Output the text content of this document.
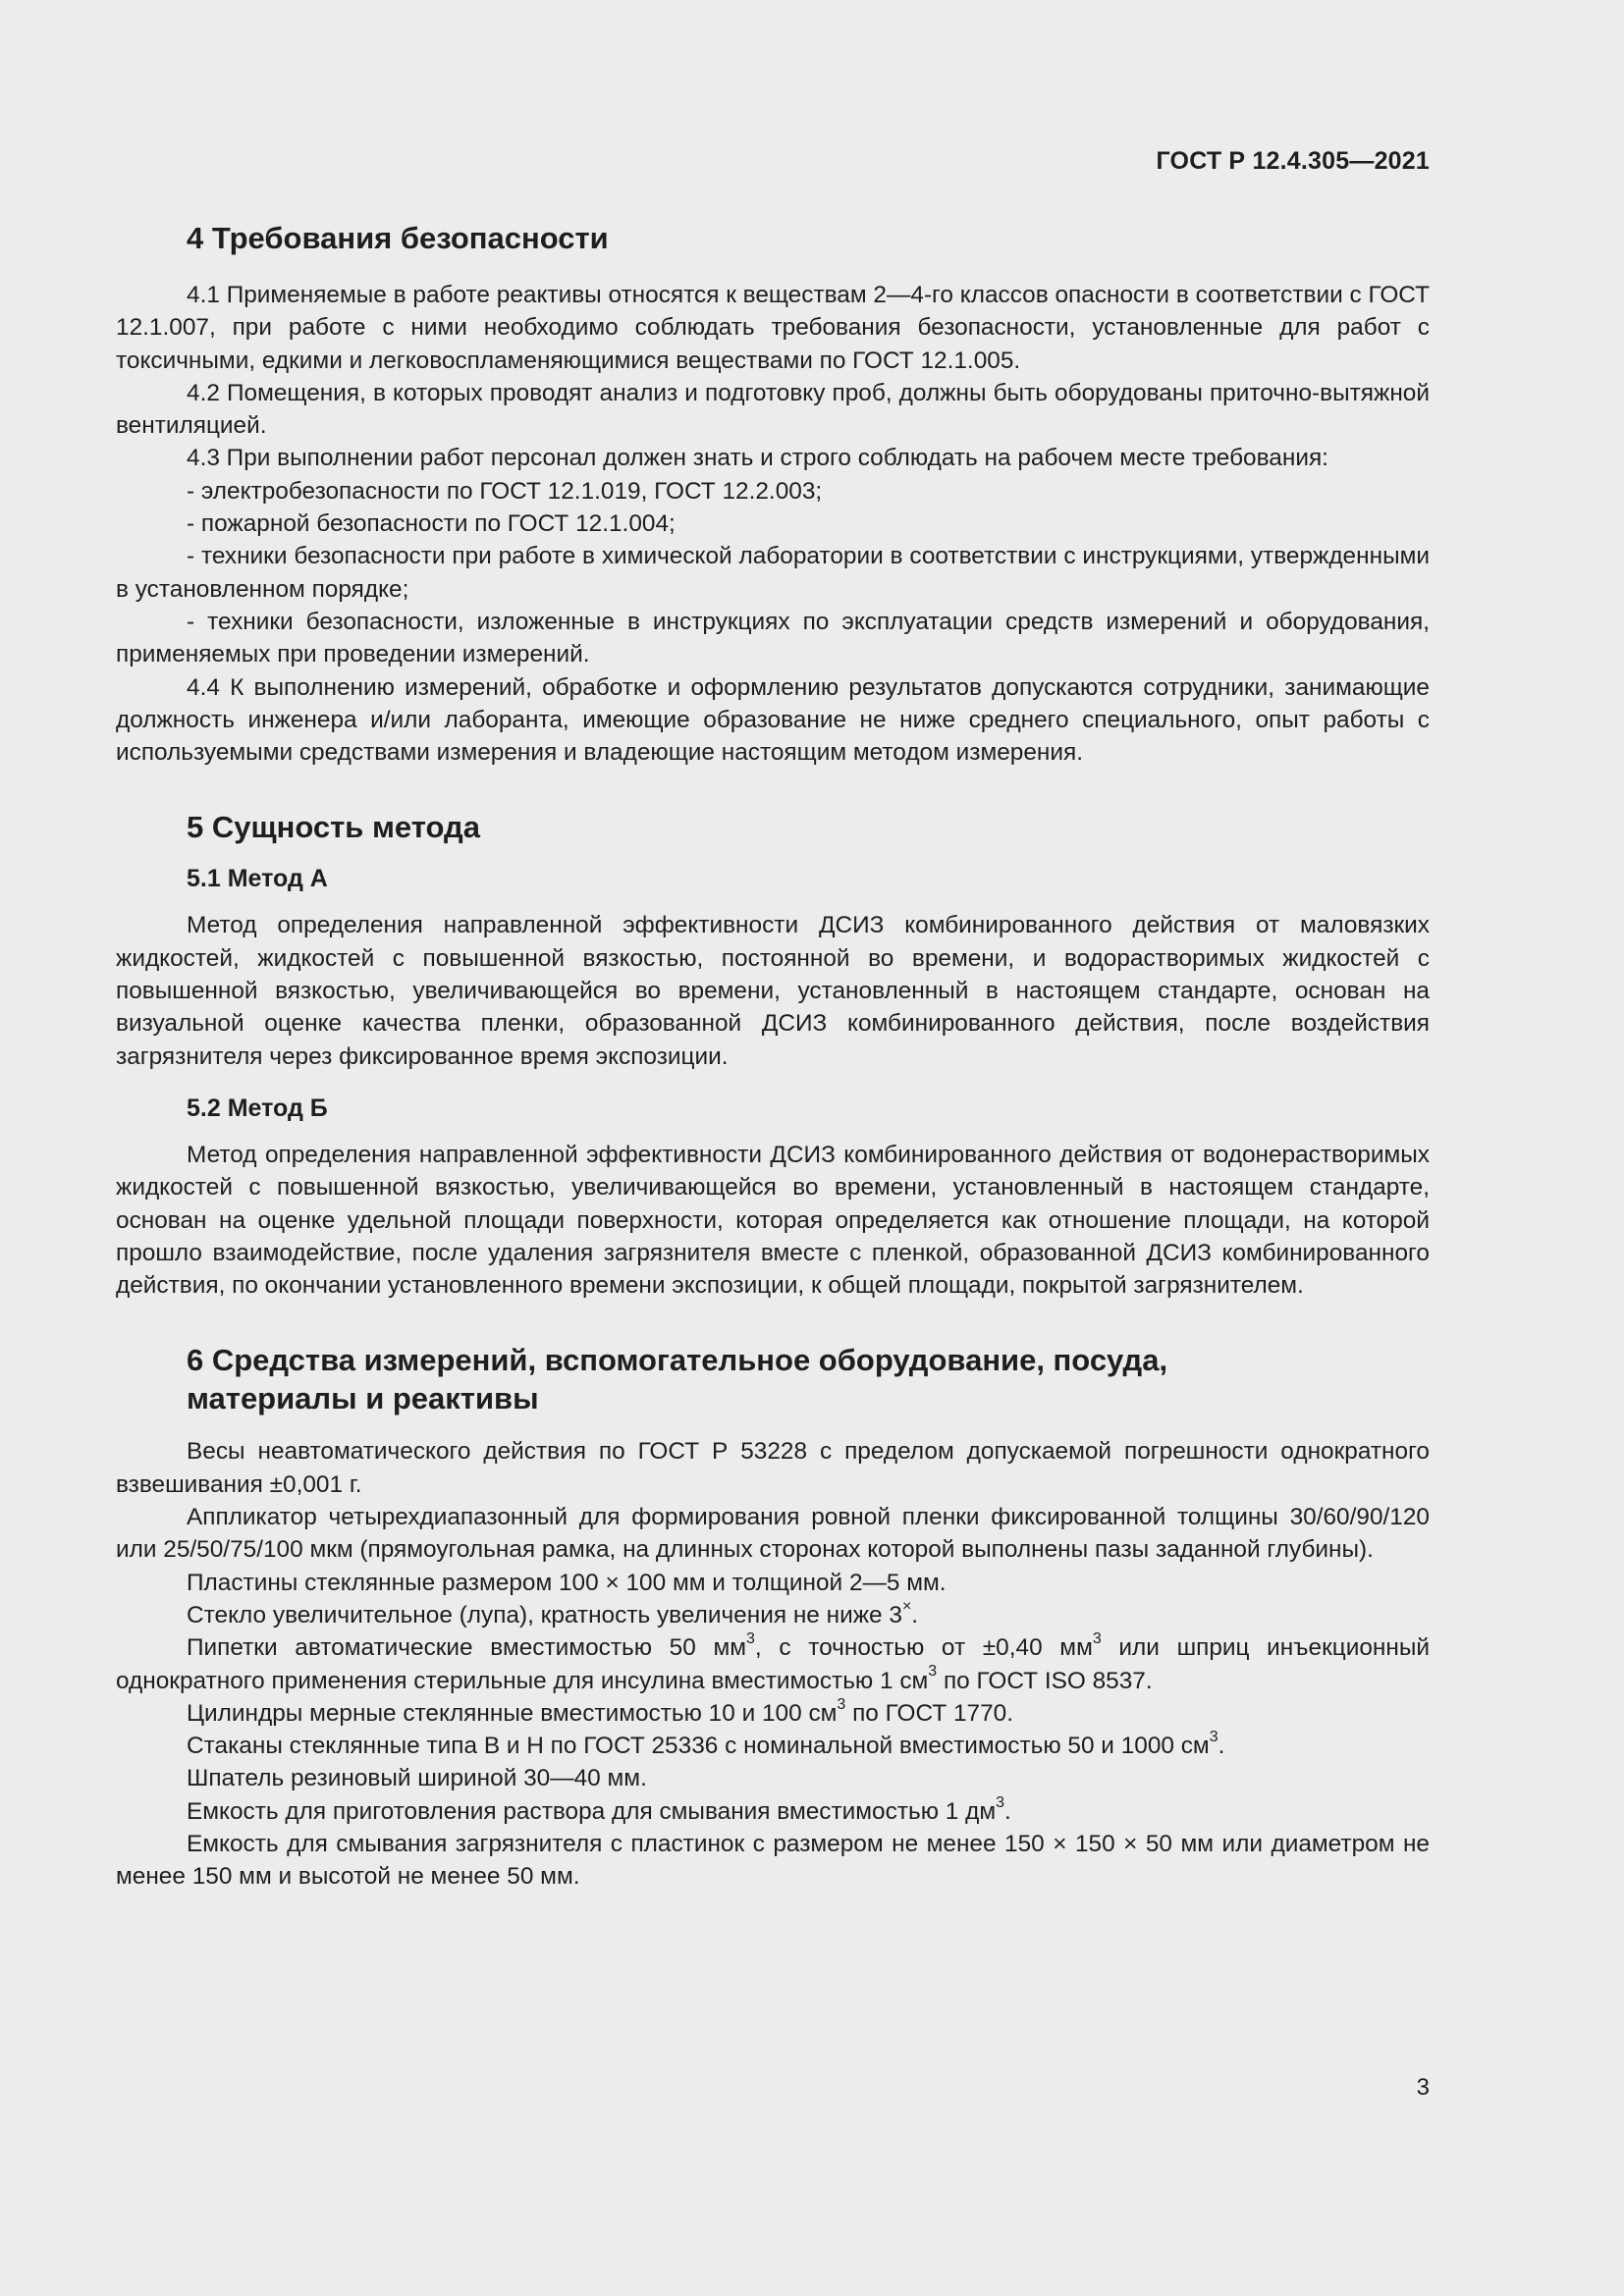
ГОСТ Р 12.4.305—2021
4 Требования безопасности

4.1 Применяемые в работе реактивы относятся к веществам 2—4-го классов опасности в соответствии с ГОСТ 12.1.007, при работе с ними необходимо соблюдать требования безопасности, установленные для работ с токсичными, едкими и легковоспламеняющимися веществами по ГОСТ 12.1.005.

4.2 Помещения, в которых проводят анализ и подготовку проб, должны быть оборудованы приточно-вытяжной вентиляцией.

4.3 При выполнении работ персонал должен знать и строго соблюдать на рабочем месте требования:

- электробезопасности по ГОСТ 12.1.019, ГОСТ 12.2.003;

- пожарной безопасности по ГОСТ 12.1.004;

- техники безопасности при работе в химической лаборатории в соответствии с инструкциями, утвержденными в установленном порядке;

- техники безопасности, изложенные в инструкциях по эксплуатации средств измерений и оборудования, применяемых при проведении измерений.

4.4 К выполнению измерений, обработке и оформлению результатов допускаются сотрудники, занимающие должность инженера и/или лаборанта, имеющие образование не ниже среднего специального, опыт работы с используемыми средствами измерения и владеющие настоящим методом измерения.

5 Сущность метода
5.1 Метод А

Метод определения направленной эффективности ДСИЗ комбинированного действия от маловязких жидкостей, жидкостей с повышенной вязкостью, постоянной во времени, и водорастворимых жидкостей с повышенной вязкостью, увеличивающейся во времени, установленный в настоящем стандарте, основан на визуальной оценке качества пленки, образованной ДСИЗ комбинированного действия, после воздействия загрязнителя через фиксированное время экспозиции.

5.2 Метод Б

Метод определения направленной эффективности ДСИЗ комбинированного действия от водонерастворимых жидкостей с повышенной вязкостью, увеличивающейся во времени, установленный в настоящем стандарте, основан на оценке удельной площади поверхности, которая определяется как отношение площади, на которой прошло взаимодействие, после удаления загрязнителя вместе с пленкой, образованной ДСИЗ комбинированного действия, по окончании установленного времени экспозиции, к общей площади, покрытой загрязнителем.

6 Средства измерений, вспомогательное оборудование, посуда,
материалы и реактивы

Весы неавтоматического действия по ГОСТ Р 53228 с пределом допускаемой погрешности однократного взвешивания ±0,001 г.

Аппликатор четырехдиапазонный для формирования ровной пленки фиксированной толщины 30/60/90/120 или 25/50/75/100 мкм (прямоугольная рамка, на длинных сторонах которой выполнены пазы заданной глубины).

Пластины стеклянные размером 100 × 100 мм и толщиной 2—5 мм.

Стекло увеличительное (лупа), кратность увеличения не ниже 3×.

Пипетки автоматические вместимостью 50 $мм^3$, с точностью от ±0,40 $мм^3$ или шприц инъекционный однократного применения стерильные для инсулина вместимостью 1 $см^3$ по ГОСТ ISO 8537.

Цилиндры мерные стеклянные вместимостью 10 и 100 $см^3$ по ГОСТ 1770.

Стаканы стеклянные типа В и Н по ГОСТ 25336 с номинальной вместимостью 50 и 1000 $см^3$.

Шпатель резиновый шириной 30—40 мм.

Емкость для приготовления раствора для смывания вместимостью 1 $дм^3$.

Емкость для смывания загрязнителя с пластинок с размером не менее 150 × 150 × 50 мм или диаметром не менее 150 мм и высотой не менее 50 мм.

3
